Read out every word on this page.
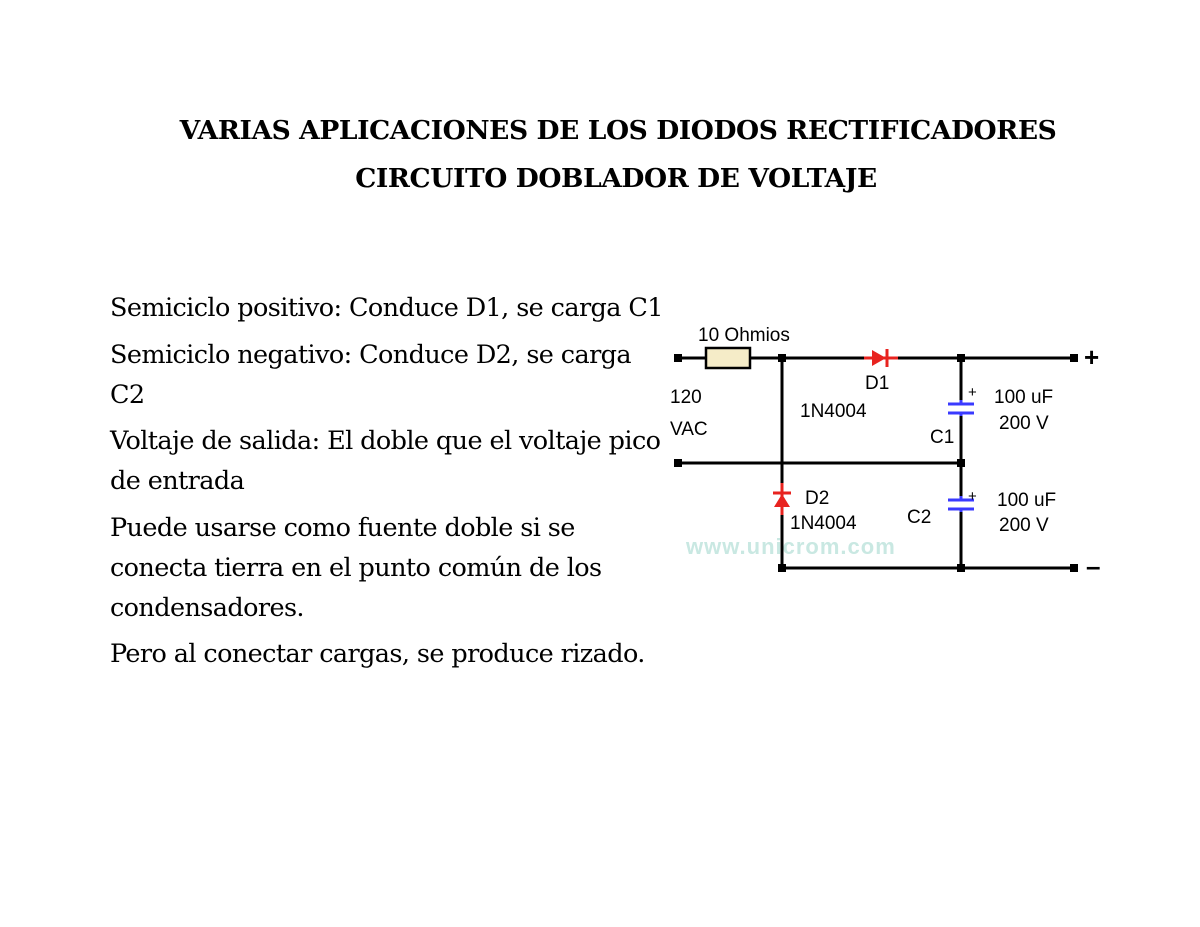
VARIAS APLICACIONES DE LOS DIODOS RECTIFICADORES
CIRCUITO DOBLADOR DE VOLTAJE
Semiciclo positivo: Conduce D1, se carga C1
Semiciclo negativo: Conduce D2, se carga C2
Voltaje de salida: El doble que el voltaje pico de entrada
Puede usarse como fuente doble si se conecta tierra en el punto común de los condensadores.
Pero al conectar cargas, se produce rizado.
www.unicrom.com
10 Ohmios
120
VAC
D1
1N4004
C1
+ 100 uF
200 V
D2
1N4004	C2
+ 100 uF
200 V
+
–
